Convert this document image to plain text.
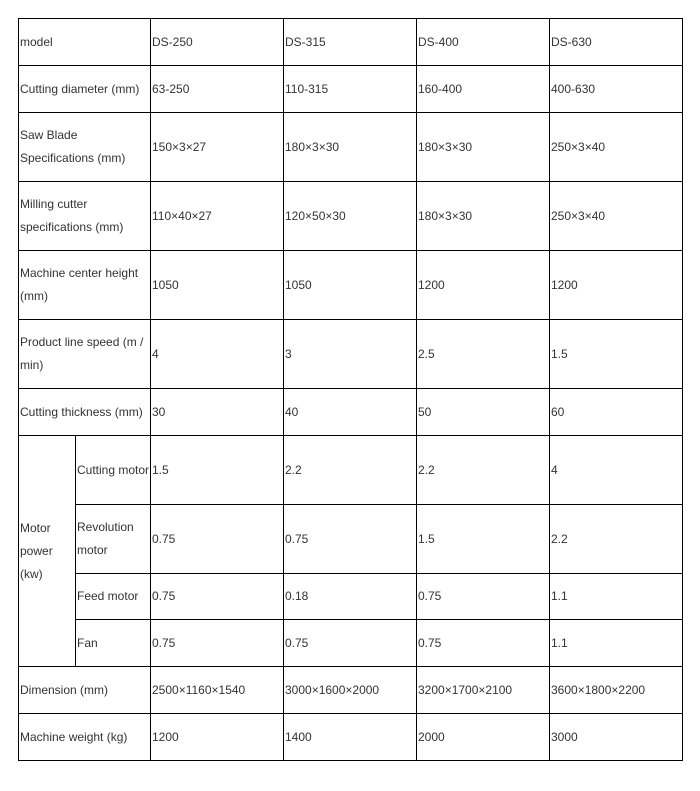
model		DS-250	DS-315	DS-400	DS-630
Cutting diameter (mm)		63-250	110-315	160-400	400-630
Saw Blade Specifications (mm)		150×3×27	180×3×30	180×3×30	250×3×40
Milling cutter specifications (mm)		110×40×27	120×50×30	180×3×30	250×3×40
Machine center height (mm)		1050	1050	1200	1200
Product line speed (m / min)		4	3	2.5	1.5
Cutting thickness (mm)		30	40	50	60
Motor power (kw)	Cutting motor	1.5	2.2	2.2	4
	Revolution motor	0.75	0.75	1.5	2.2
	Feed motor	0.75	0.18	0.75	1.1
	Fan	0.75	0.75	0.75	1.1
Dimension (mm)		2500×1160×1540	3000×1600×2000	3200×1700×2100	3600×1800×2200
Machine weight (kg)		1200	1400	2000	3000
